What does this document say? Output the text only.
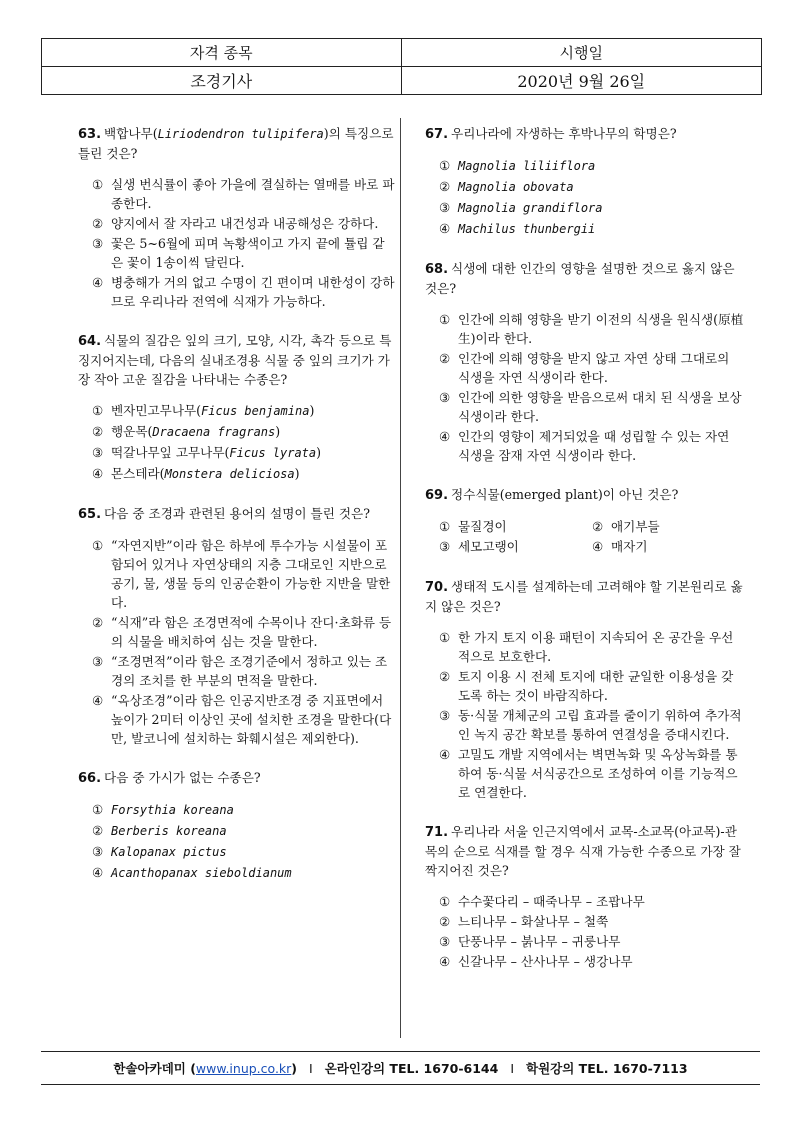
자격 종목	시행일
조경기사	2020년 9월 26일
63. 백합나무(Liriodendron tulipifera)의 특징으로 틀린 것은?
① 실생 번식률이 좋아 가을에 결실하는 열매를 바로 파종한다.
② 양지에서 잘 자라고 내건성과 내공해성은 강하다.
③ 꽃은 5~6월에 피며 녹황색이고 가지 끝에 튤립 같은 꽃이 1송이씩 달린다.
④ 병충해가 거의 없고 수명이 긴 편이며 내한성이 강하므로 우리나라 전역에 식재가 가능하다.
64. 식물의 질감은 잎의 크기, 모양, 시각, 촉각 등으로 특징지어지는데, 다음의 실내조경용 식물 중 잎의 크기가 가장 작아 고운 질감을 나타내는 수종은?
① 벤자민고무나무(Ficus benjamina)
② 행운목(Dracaena fragrans)
③ 떡갈나무잎 고무나무(Ficus lyrata)
④ 몬스테라(Monstera deliciosa)
65. 다음 중 조경과 관련된 용어의 설명이 틀린 것은?
① “자연지반”이라 함은 하부에 투수가능 시설물이 포함되어 있거나 자연상태의 지층 그대로인 지반으로 공기, 물, 생물 등의 인공순환이 가능한 지반을 말한다.
② “식재”라 함은 조경면적에 수목이나 잔디·초화류 등의 식물을 배치하여 심는 것을 말한다.
③ “조경면적”이라 함은 조경기준에서 정하고 있는 조경의 조치를 한 부분의 면적을 말한다.
④ “옥상조경”이라 함은 인공지반조경 중 지표면에서 높이가 2미터 이상인 곳에 설치한 조경을 말한다(다만, 발코니에 설치하는 화훼시설은 제외한다).
66. 다음 중 가시가 없는 수종은?
① Forsythia koreana
② Berberis koreana
③ Kalopanax pictus
④ Acanthopanax sieboldianum
67. 우리나라에 자생하는 후박나무의 학명은?
① Magnolia liliiflora
② Magnolia obovata
③ Magnolia grandiflora
④ Machilus thunbergii
68. 식생에 대한 인간의 영향을 설명한 것으로 옳지 않은 것은?
① 인간에 의해 영향을 받기 이전의 식생을 원식생(原植生)이라 한다.
② 인간에 의해 영향을 받지 않고 자연 상태 그대로의 식생을 자연 식생이라 한다.
③ 인간에 의한 영향을 받음으로써 대치 된 식생을 보상 식생이라 한다.
④ 인간의 영향이 제거되었을 때 성립할 수 있는 자연 식생을 잠재 자연 식생이라 한다.
69. 정수식물(emerged plant)이 아닌 것은?
① 물질경이	② 애기부들
③ 세모고랭이	④ 매자기
70. 생태적 도시를 설계하는데 고려해야 할 기본원리로 옳지 않은 것은?
① 한 가지 토지 이용 패턴이 지속되어 온 공간을 우선적으로 보호한다.
② 토지 이용 시 전체 토지에 대한 균일한 이용성을 갖도록 하는 것이 바람직하다.
③ 동·식물 개체군의 고립 효과를 줄이기 위하여 추가적인 녹지 공간 확보를 통하여 연결성을 증대시킨다.
④ 고밀도 개발 지역에서는 벽면녹화 및 옥상녹화를 통하여 동·식물 서식공간으로 조성하여 이를 기능적으로 연결한다.
71. 우리나라 서울 인근지역에서 교목-소교목(아교목)-관목의 순으로 식재를 할 경우 식재 가능한 수종으로 가장 잘 짝지어진 것은?
① 수수꽃다리 – 때죽나무 – 조팝나무
② 느티나무 – 화살나무 – 철쭉
③ 단풍나무 – 붉나무 – 귀룽나무
④ 신갈나무 – 산사나무 – 생강나무
한솔아카데미 ( www.inup.co.kr ) I 온라인강의 TEL. 1670-6144 I 학원강의 TEL. 1670-7113
